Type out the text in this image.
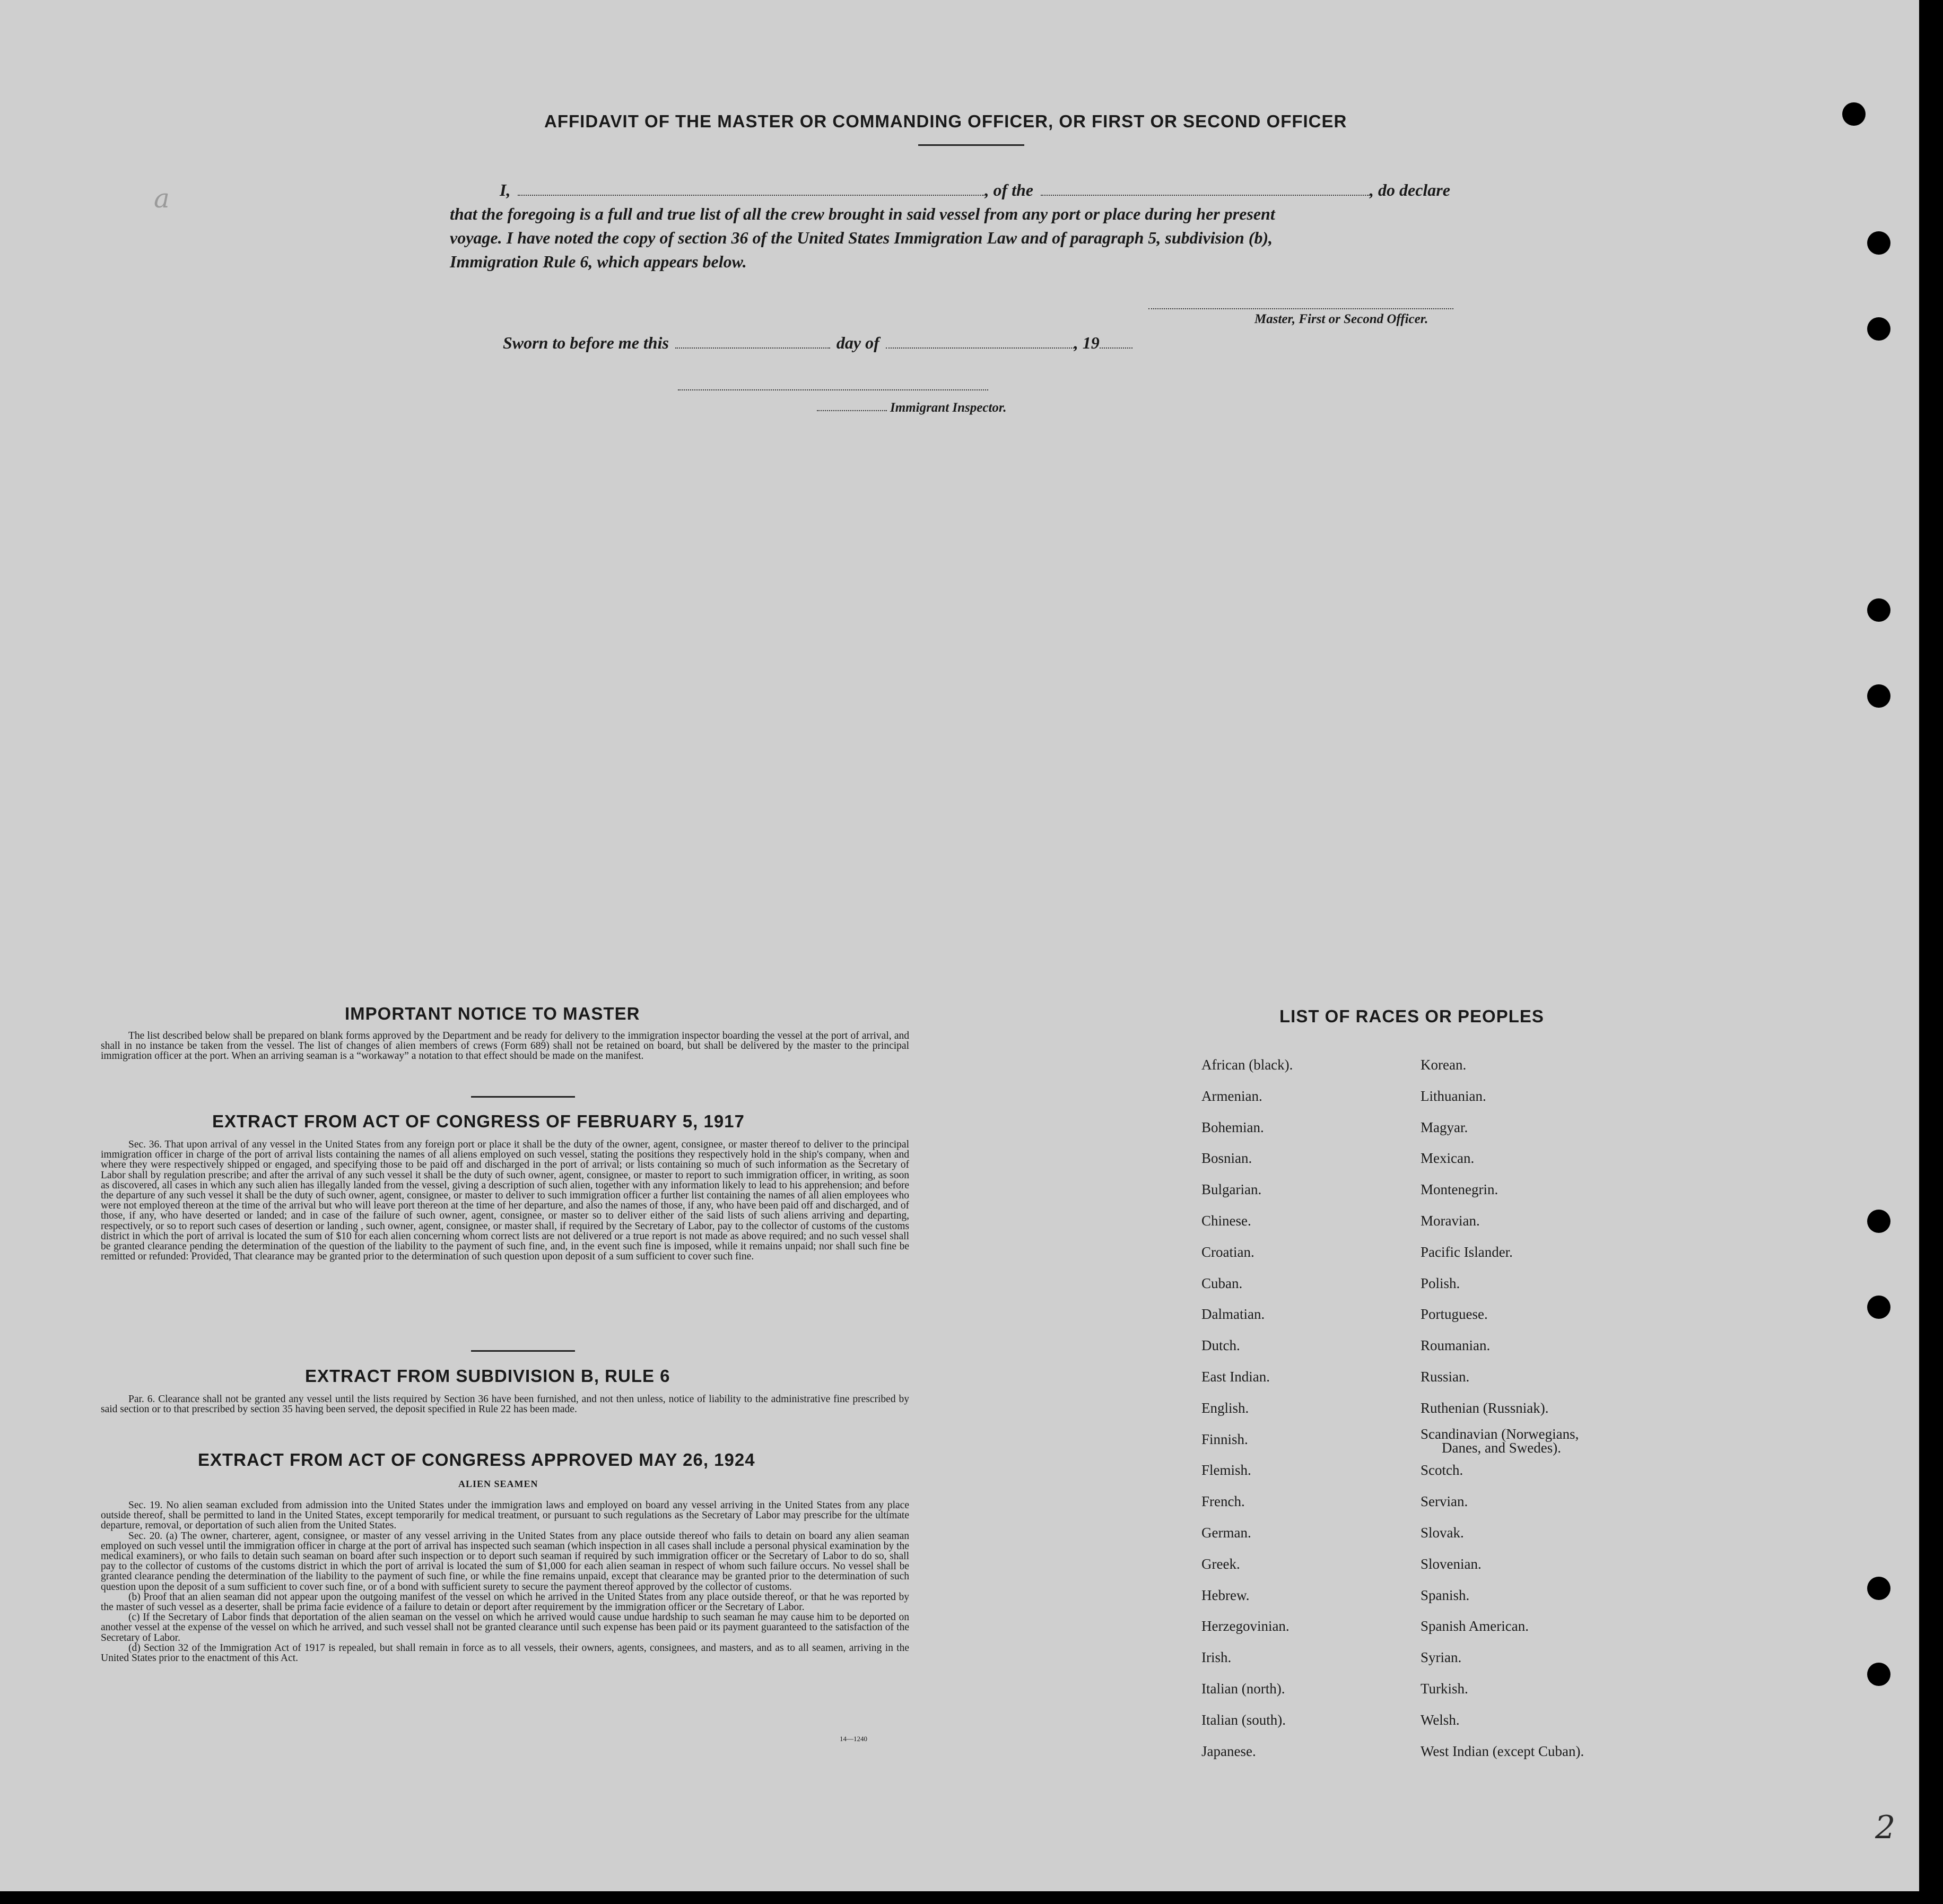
a
2
AFFIDAVIT OF THE MASTER OR COMMANDING OFFICER, OR FIRST OR SECOND OFFICER
I,	, of the	, do declare
that the foregoing is a full and true list of all the crew brought in said vessel from any port or place during her present
voyage. I have noted the copy of section 36 of the United States Immigration Law and of paragraph 5, subdivision (b),
Immigration Rule 6, which appears below.
Master, First or Second Officer.
Sworn to before me this	day of	, 19
Immigrant Inspector.
IMPORTANT NOTICE TO MASTER

The list described below shall be prepared on blank forms approved by the Department and be ready for delivery to the immigration inspector boarding the vessel at the port of arrival, and shall in no instance be taken from the vessel. The list of changes of alien members of crews (Form 689) shall not be retained on board, but shall be delivered by the master to the principal immigration officer at the port. When an arriving seaman is a “workaway” a notation to that effect should be made on the manifest.

EXTRACT FROM ACT OF CONGRESS OF FEBRUARY 5, 1917

Sec. 36. That upon arrival of any vessel in the United States from any foreign port or place it shall be the duty of the owner, agent, consignee, or master thereof to deliver to the principal immigration officer in charge of the port of arrival lists containing the names of all aliens employed on such vessel, stating the positions they respectively hold in the ship's company, when and where they were respectively shipped or engaged, and specifying those to be paid off and discharged in the port of arrival; or lists containing so much of such information as the Secretary of Labor shall by regulation prescribe; and after the arrival of any such vessel it shall be the duty of such owner, agent, consignee, or master to report to such immigration officer, in writing, as soon as discovered, all cases in which any such alien has illegally landed from the vessel, giving a description of such alien, together with any information likely to lead to his apprehension; and before the departure of any such vessel it shall be the duty of such owner, agent, consignee, or master to deliver to such immigration officer a further list containing the names of all alien employees who were not employed thereon at the time of the arrival but who will leave port thereon at the time of her departure, and also the names of those, if any, who have been paid off and discharged, and of those, if any, who have deserted or landed; and in case of the failure of such owner, agent, consignee, or master so to deliver either of the said lists of such aliens arriving and departing, respectively, or so to report such cases of desertion or landing , such owner, agent, consignee, or master shall, if required by the Secretary of Labor, pay to the collector of customs of the customs district in which the port of arrival is located the sum of $10 for each alien concerning whom correct lists are not delivered or a true report is not made as above required; and no such vessel shall be granted clearance pending the determination of the question of the liability to the payment of such fine, and, in the event such fine is imposed, while it remains unpaid; nor shall such fine be remitted or refunded: Provided, That clearance may be granted prior to the determination of such question upon deposit of a sum sufficient to cover such fine.

EXTRACT FROM SUBDIVISION B, RULE 6

Par. 6. Clearance shall not be granted any vessel until the lists required by Section 36 have been furnished, and not then unless, notice of liability to the administrative fine prescribed by said section or to that prescribed by section 35 having been served, the deposit specified in Rule 22 has been made.

EXTRACT FROM ACT OF CONGRESS APPROVED MAY 26, 1924
ALIEN SEAMEN

Sec. 19. No alien seaman excluded from admission into the United States under the immigration laws and employed on board any vessel arriving in the United States from any place outside thereof, shall be permitted to land in the United States, except temporarily for medical treatment, or pursuant to such regulations as the Secretary of Labor may prescribe for the ultimate departure, removal, or deportation of such alien from the United States.

Sec. 20. (a) The owner, charterer, agent, consignee, or master of any vessel arriving in the United States from any place outside thereof who fails to detain on board any alien seaman employed on such vessel until the immigration officer in charge at the port of arrival has inspected such seaman (which inspection in all cases shall include a personal physical examination by the medical examiners), or who fails to detain such seaman on board after such inspection or to deport such seaman if required by such immigration officer or the Secretary of Labor to do so, shall pay to the collector of customs of the customs district in which the port of arrival is located the sum of $1,000 for each alien seaman in respect of whom such failure occurs. No vessel shall be granted clearance pending the determination of the liability to the payment of such fine, or while the fine remains unpaid, except that clearance may be granted prior to the determination of such question upon the deposit of a sum sufficient to cover such fine, or of a bond with sufficient surety to secure the payment thereof approved by the collector of customs.

(b) Proof that an alien seaman did not appear upon the outgoing manifest of the vessel on which he arrived in the United States from any place outside thereof, or that he was reported by the master of such vessel as a deserter, shall be prima facie evidence of a failure to detain or deport after requirement by the immigration officer or the Secretary of Labor.

(c) If the Secretary of Labor finds that deportation of the alien seaman on the vessel on which he arrived would cause undue hardship to such seaman he may cause him to be deported on another vessel at the expense of the vessel on which he arrived, and such vessel shall not be granted clearance until such expense has been paid or its payment guaranteed to the satisfaction of the Secretary of Labor.

(d) Section 32 of the Immigration Act of 1917 is repealed, but shall remain in force as to all vessels, their owners, agents, consignees, and masters, and as to all seamen, arriving in the United States prior to the enactment of this Act.

14—1240
LIST OF RACES OR PEOPLES
African (black).
Armenian.
Bohemian.
Bosnian.
Bulgarian.
Chinese.
Croatian.
Cuban.
Dalmatian.
Dutch.
East Indian.
English.
Finnish.
Flemish.
French.
German.
Greek.
Hebrew.
Herzegovinian.
Irish.
Italian (north).
Italian (south).
Japanese.
Korean.
Lithuanian.
Magyar.
Mexican.
Montenegrin.
Moravian.
Pacific Islander.
Polish.
Portuguese.
Roumanian.
Russian.
Ruthenian (Russniak).
Scandinavian (Norwegians,
Danes, and Swedes).
Scotch.
Servian.
Slovak.
Slovenian.
Spanish.
Spanish American.
Syrian.
Turkish.
Welsh.
West Indian (except Cuban).
